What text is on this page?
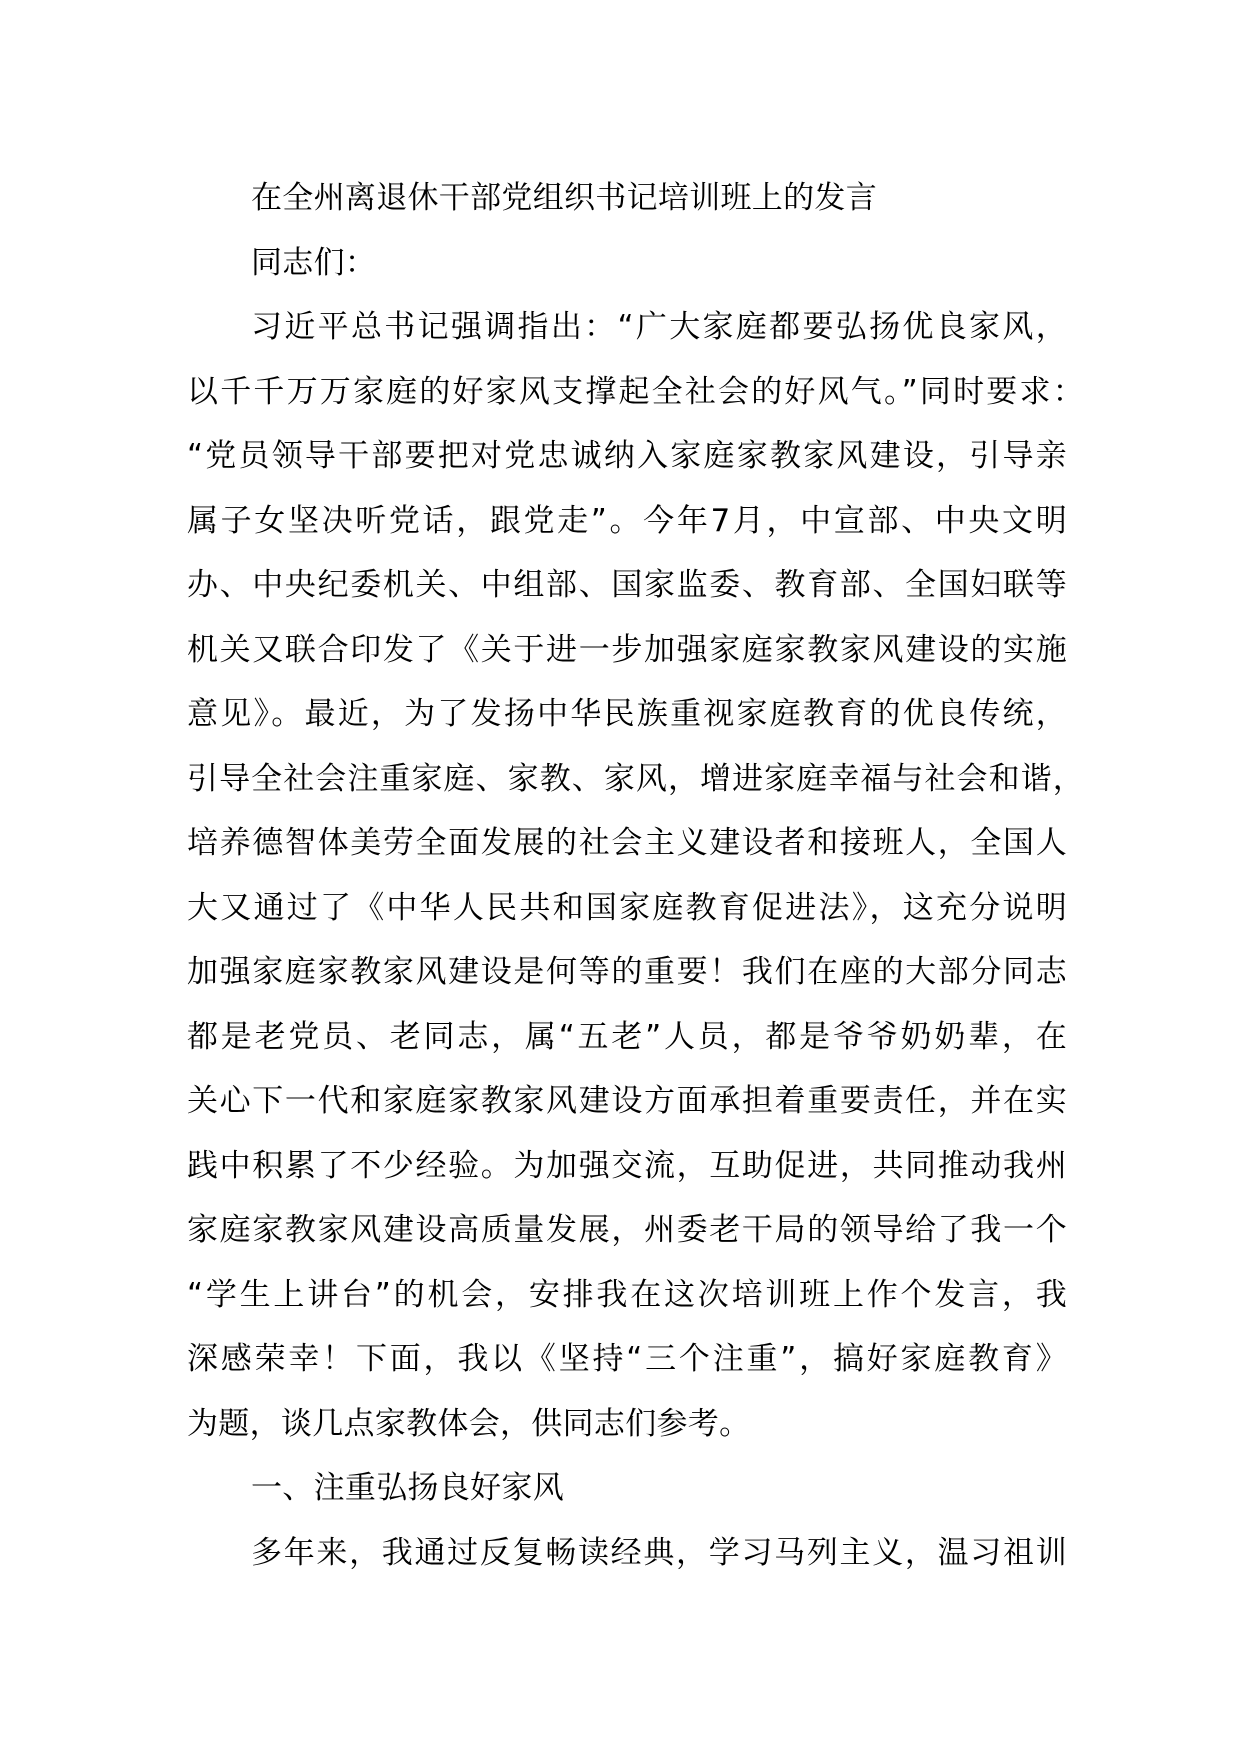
在全州离退休干部党组织书记培训班上的发言
同志们：
习近平总书记强调指出：“广大家庭都要弘扬优良家风，
以千千万万家庭的好家风支撑起全社会的好风气。”同时要求：
“党员领导干部要把对党忠诚纳入家庭家教家风建设，引导亲
属子女坚决听党话，跟党走”。今年7月，中宣部、中央文明
办、中央纪委机关、中组部、国家监委、教育部、全国妇联等
机关又联合印发了《关于进一步加强家庭家教家风建设的实施
意见》。最近，为了发扬中华民族重视家庭教育的优良传统，
引导全社会注重家庭、家教、家风，增进家庭幸福与社会和谐，
培养德智体美劳全面发展的社会主义建设者和接班人，全国人
大又通过了《中华人民共和国家庭教育促进法》，这充分说明
加强家庭家教家风建设是何等的重要！我们在座的大部分同志
都是老党员、老同志，属“五老”人员，都是爷爷奶奶辈，在
关心下一代和家庭家教家风建设方面承担着重要责任，并在实
践中积累了不少经验。为加强交流，互助促进，共同推动我州
家庭家教家风建设高质量发展，州委老干局的领导给了我一个
“学生上讲台”的机会，安排我在这次培训班上作个发言，我
深感荣幸！下面，我以《坚持“三个注重”，搞好家庭教育》
为题，谈几点家教体会，供同志们参考。
一、注重弘扬良好家风
多年来，我通过反复畅读经典，学习马列主义，温习祖训
